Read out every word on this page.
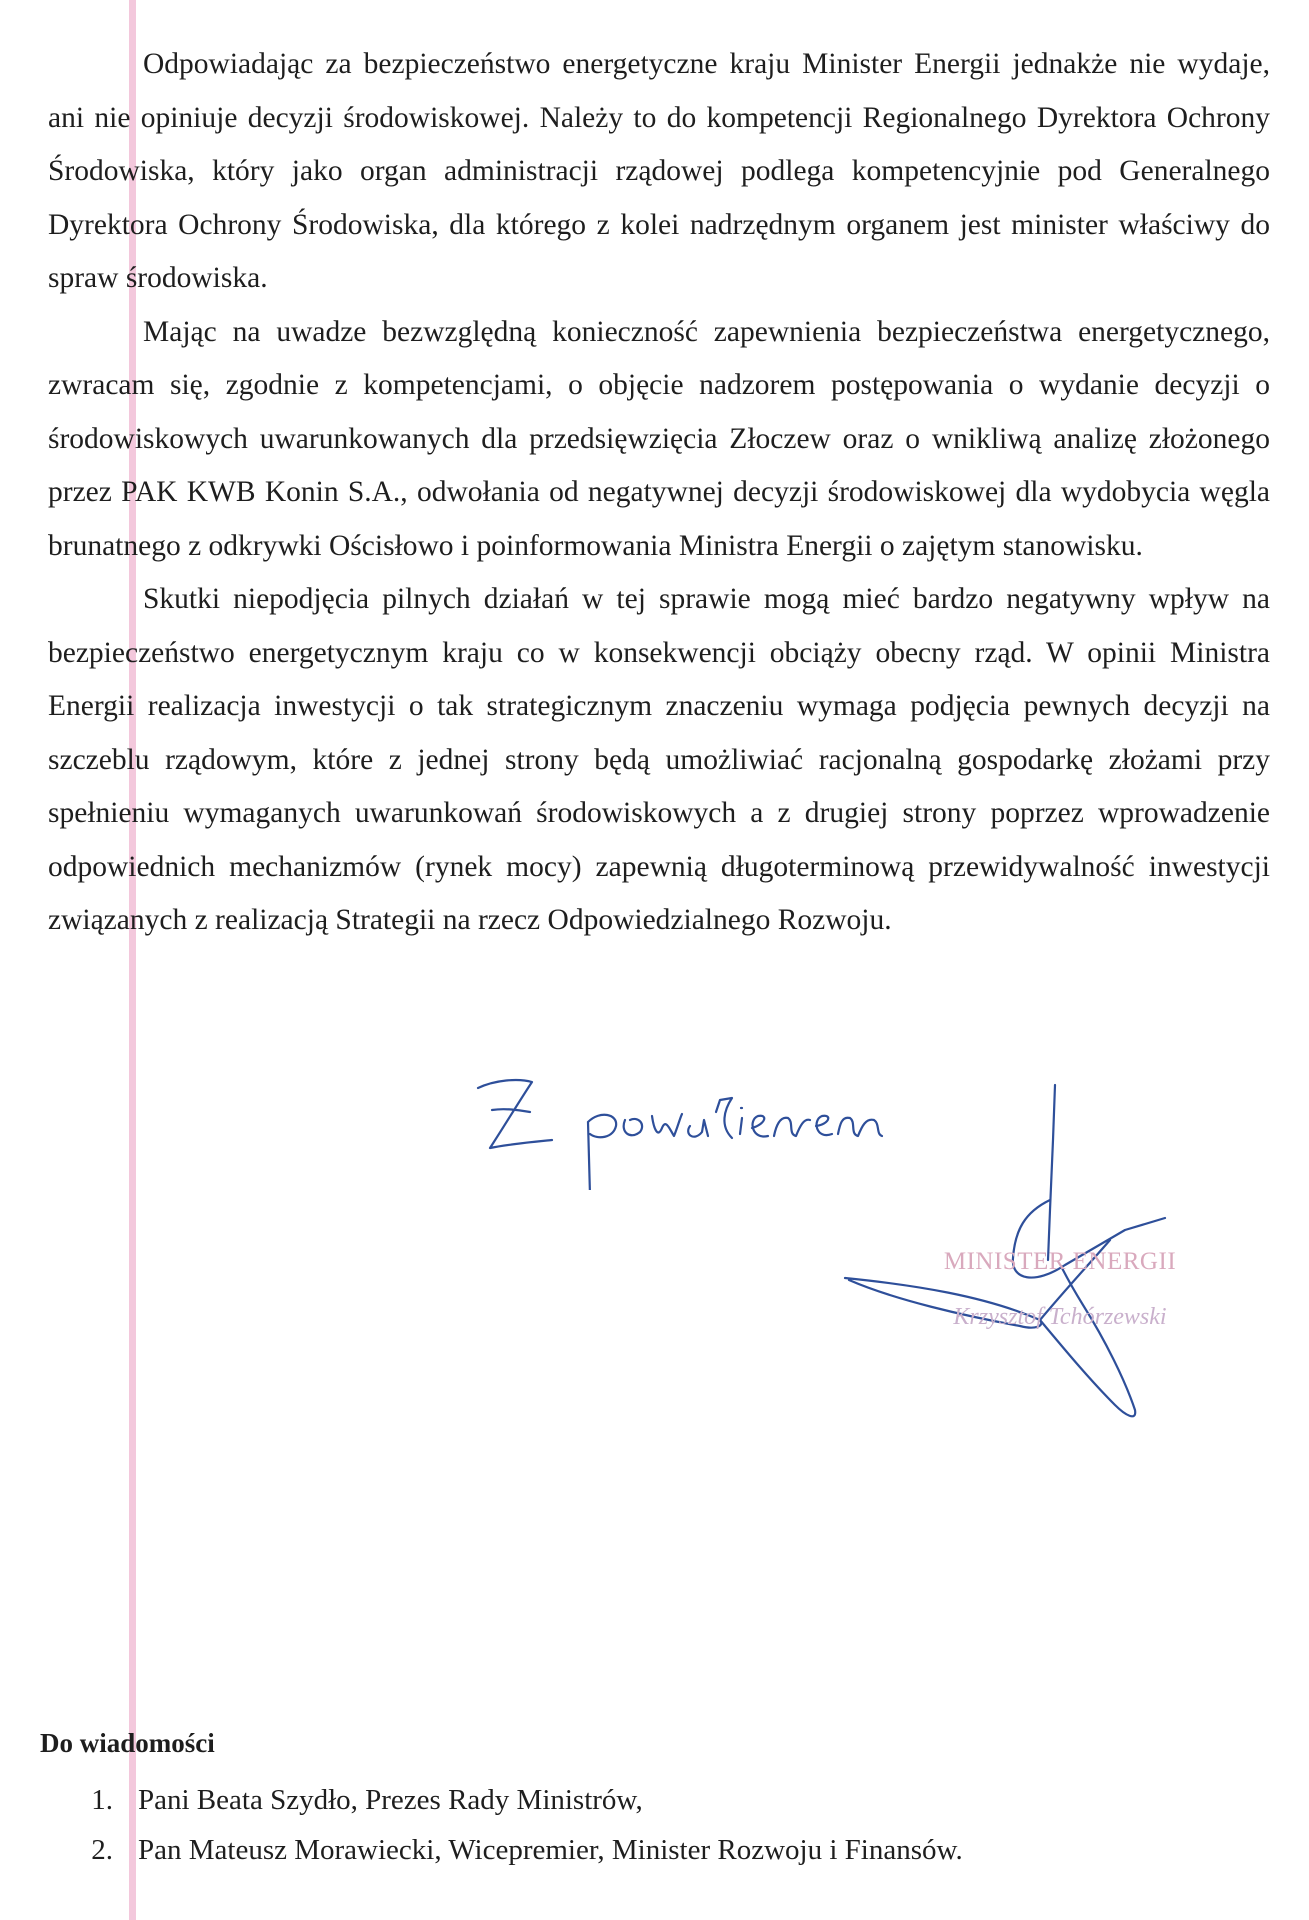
Odpowiadając za bezpieczeństwo energetyczne kraju Minister Energii jednakże nie wydaje, ani nie opiniuje decyzji środowiskowej. Należy to do kompetencji Regionalnego Dyrektora Ochrony Środowiska, który jako organ administracji rządowej podlega kompetencyjnie pod Generalnego Dyrektora Ochrony Środowiska, dla którego z kolei nadrzędnym organem jest minister właściwy do spraw środowiska.

Mając na uwadze bezwzględną konieczność zapewnienia bezpieczeństwa energetycznego, zwracam się, zgodnie z kompetencjami, o objęcie nadzorem postępowania o wydanie decyzji o środowiskowych uwarunkowanych dla przedsięwzięcia Złoczew oraz o wnikliwą analizę złożonego przez PAK KWB Konin S.A., odwołania od negatywnej decyzji środowiskowej dla wydobycia węgla brunatnego z odkrywki Ościsłowo i poinformowania Ministra Energii o zajętym stanowisku.

Skutki niepodjęcia pilnych działań w tej sprawie mogą mieć bardzo negatywny wpływ na bezpieczeństwo energetycznym kraju co w konsekwencji obciąży obecny rząd. W opinii Ministra Energii realizacja inwestycji o tak strategicznym znaczeniu wymaga podjęcia pewnych decyzji na szczeblu rządowym, które z jednej strony będą umożliwiać racjonalną gospodarkę złożami przy spełnieniu wymaganych uwarunkowań środowiskowych a z drugiej strony poprzez wprowadzenie odpowiednich mechanizmów (rynek mocy) zapewnią długoterminową przewidywalność inwestycji związanych z realizacją Strategii na rzecz Odpowiedzialnego Rozwoju.

MINISTER ENERGII
Krzysztof Tchórzewski

Do wiadomości

1. Pani Beata Szydło, Prezes Rady Ministrów,
2. Pan Mateusz Morawiecki, Wicepremier, Minister Rozwoju i Finansów.
